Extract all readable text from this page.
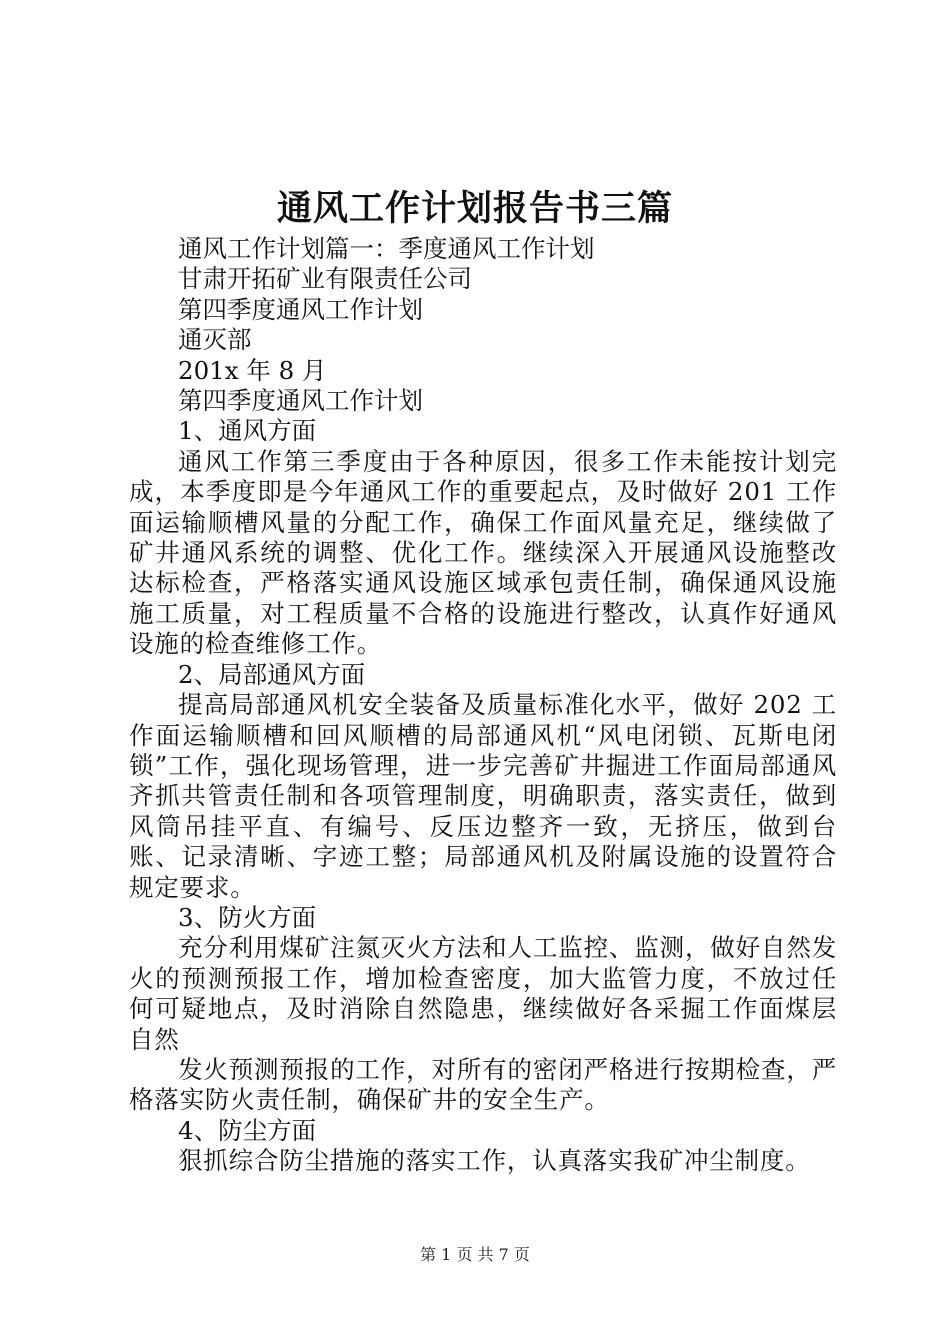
通风工作计划报告书三篇
通风工作计划篇一：季度通风工作计划
甘肃开拓矿业有限责任公司
第四季度通风工作计划
通灭部
201x 年 8 月
第四季度通风工作计划
1、通风方面

通风工作第三季度由于各种原因，很多工作未能按计划完成，本季度即是今年通风工作的重要起点，及时做好 201 工作面运输顺槽风量的分配工作，确保工作面风量充足，继续做了矿井通风系统的调整、优化工作。继续深入开展通风设施整改达标检查，严格落实通风设施区域承包责任制，确保通风设施施工质量，对工程质量不合格的设施进行整改，认真作好通风设施的检查维修工作。

2、局部通风方面

提高局部通风机安全装备及质量标准化水平，做好 202 工作面运输顺槽和回风顺槽的局部通风机“风电闭锁、瓦斯电闭锁”工作，强化现场管理，进一步完善矿井掘进工作面局部通风齐抓共管责任制和各项管理制度，明确职责，落实责任，做到风筒吊挂平直、有编号、反压边整齐一致，无挤压，做到台账、记录清晰、字迹工整；局部通风机及附属设施的设置符合规定要求。

3、防火方面

充分利用煤矿注氮灭火方法和人工监控、监测，做好自然发火的预测预报工作，增加检查密度，加大监管力度，不放过任何可疑地点，及时消除自然隐患，继续做好各采掘工作面煤层自然

发火预测预报的工作，对所有的密闭严格进行按期检查，严格落实防火责任制，确保矿井的安全生产。

4、防尘方面

狠抓综合防尘措施的落实工作，认真落实我矿冲尘制度。

第 1 页 共 7 页
